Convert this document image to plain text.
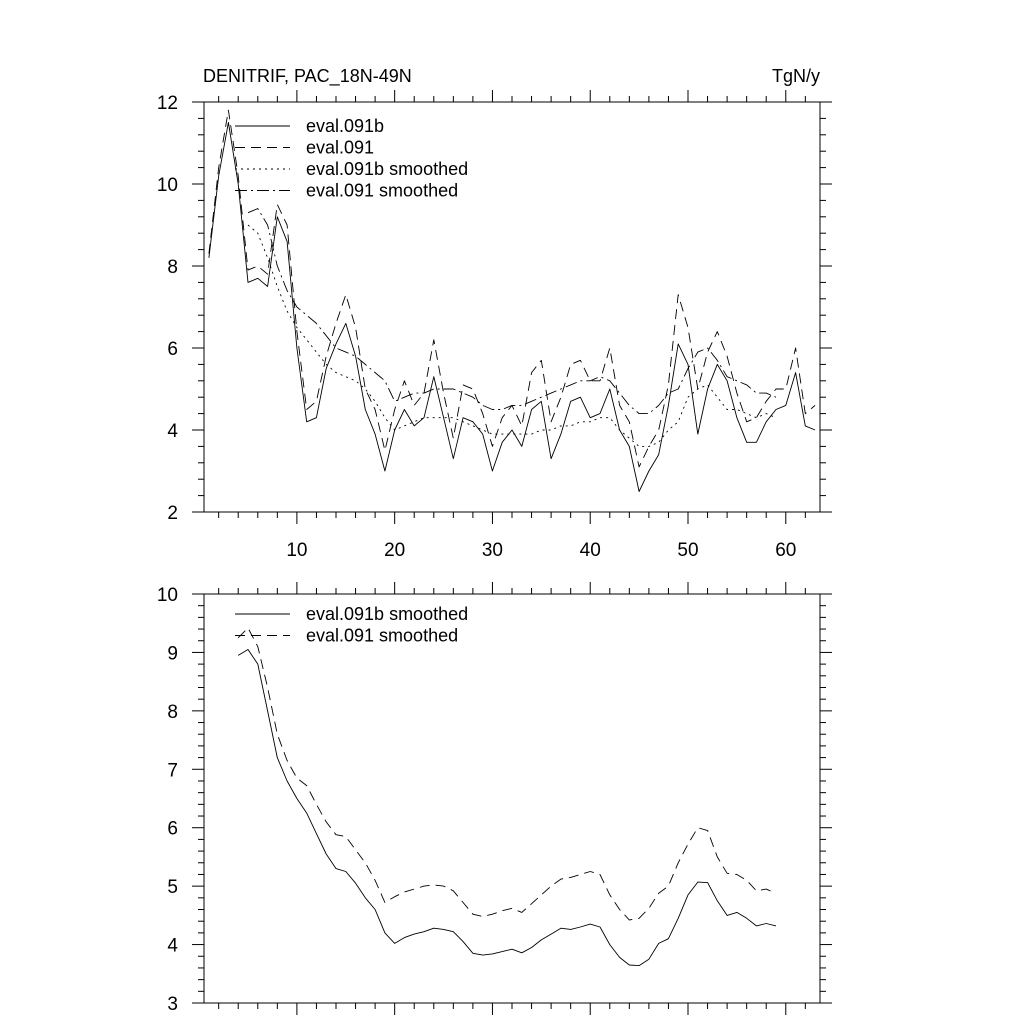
DENITRIF, PAC_18N-49N	TgN/y
2
4
6
8
10
12
10	20	30	40	50	60
eval.091b
eval.091
eval.091b smoothed
eval.091 smoothed
3
4
5
6
7
8
9
10
eval.091b smoothed
eval.091 smoothed
